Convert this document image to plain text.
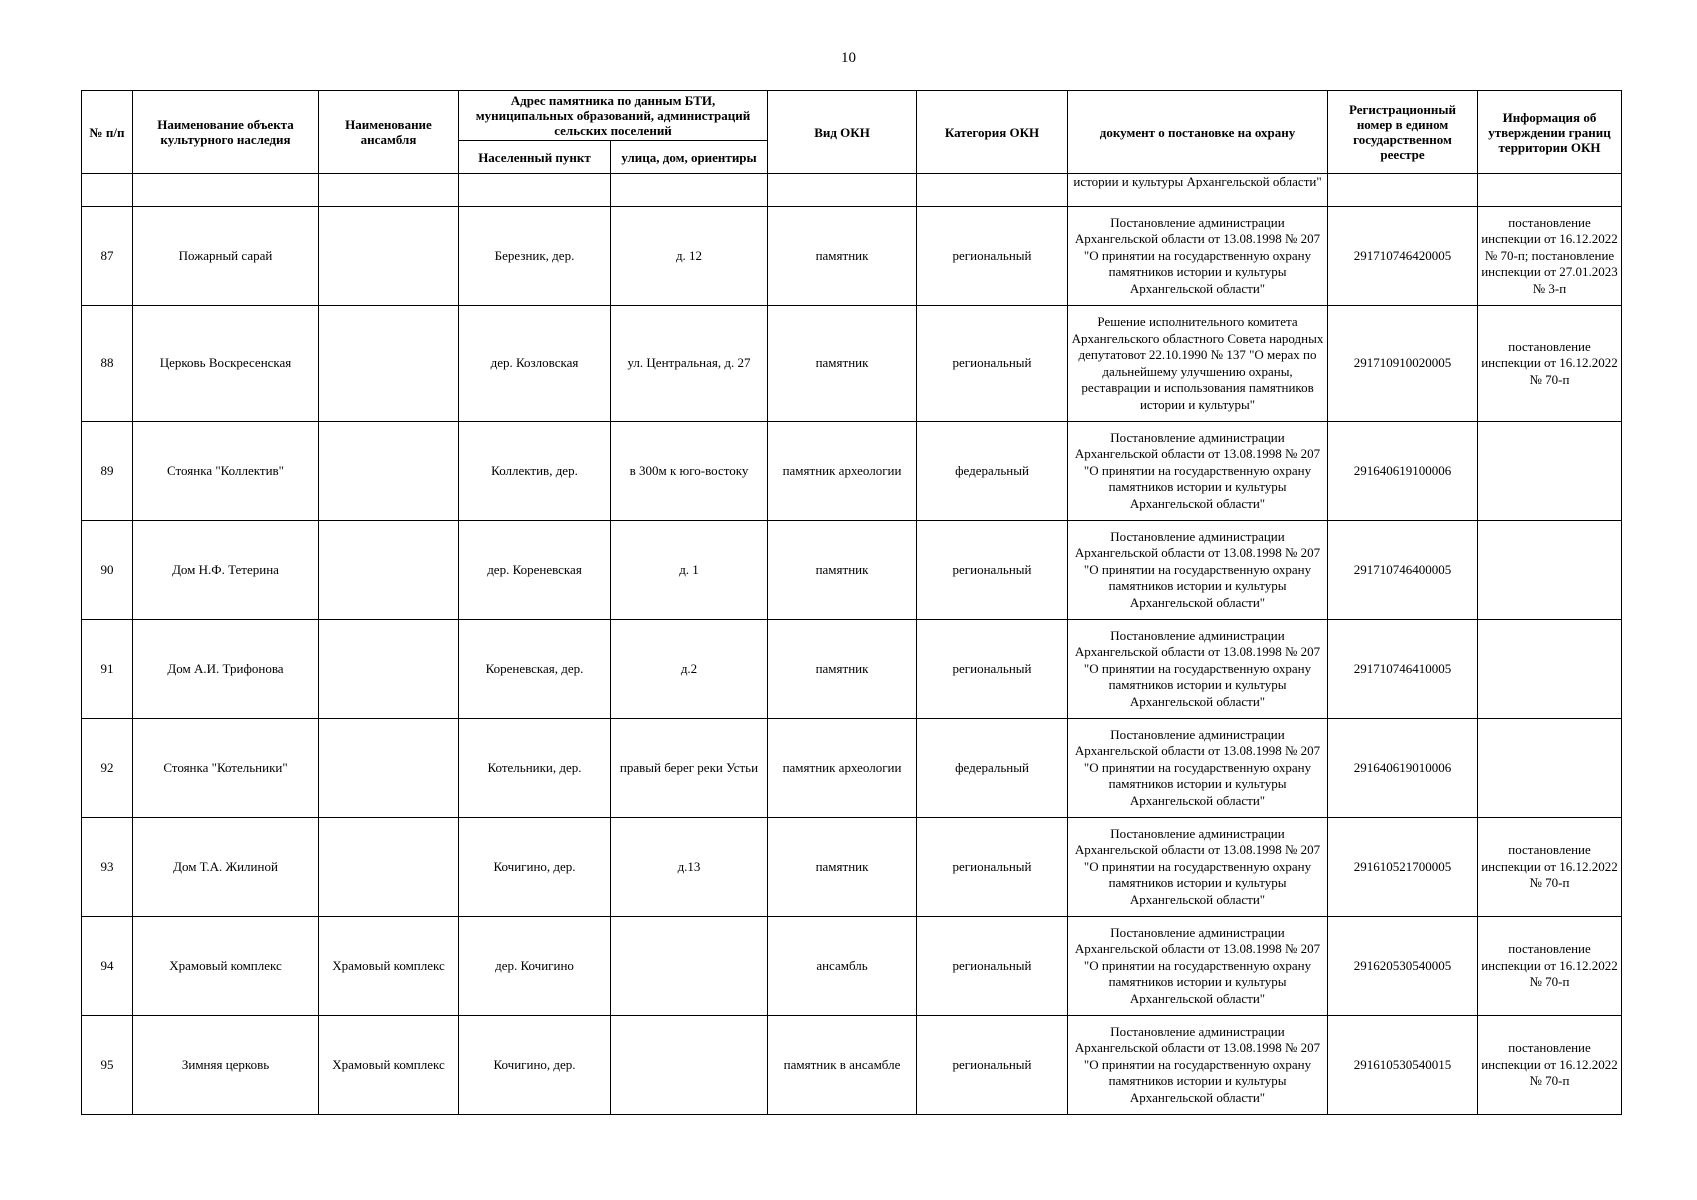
10
№ п/п	Наименование объекта культурного наследия	Наименование ансамбля	Адрес памятника по данным БТИ, муниципальных образований, администраций сельских поселений		Вид ОКН	Категория ОКН	документ о постановке на охрану	Регистрационный номер в едином государственном реестре	Информация об утверждении границ территории ОКН
			Населенный пункт	улица, дом, ориентиры					
							истории и культуры Архангельской области"		
87	Пожарный сарай		Березник, дер.	д. 12	памятник	региональный	Постановление администрации Архангельской области от 13.08.1998 № 207 "О принятии на государственную охрану памятников истории и культуры Архангельской области"	291710746420005	постановление инспекции от 16.12.2022 № 70-п; постановление инспекции от 27.01.2023 № 3-п
88	Церковь Воскресенская		дер. Козловская	ул. Центральная, д. 27	памятник	региональный	Решение исполнительного комитета Архангельского областного Совета народных депутатовот 22.10.1990 № 137 "О мерах по дальнейшему улучшению охраны, реставрации и использования памятников истории и культуры"	291710910020005	постановление инспекции от 16.12.2022 № 70-п
89	Стоянка "Коллектив"		Коллектив, дер.	в 300м к юго-востоку	памятник археологии	федеральный	Постановление администрации Архангельской области от 13.08.1998 № 207 "О принятии на государственную охрану памятников истории и культуры Архангельской области"	291640619100006	
90	Дом Н.Ф. Тетерина		дер. Кореневская	д. 1	памятник	региональный	Постановление администрации Архангельской области от 13.08.1998 № 207 "О принятии на государственную охрану памятников истории и культуры Архангельской области"	291710746400005	
91	Дом А.И. Трифонова		Кореневская, дер.	д.2	памятник	региональный	Постановление администрации Архангельской области от 13.08.1998 № 207 "О принятии на государственную охрану памятников истории и культуры Архангельской области"	291710746410005	
92	Стоянка "Котельники"		Котельники, дер.	правый берег реки Устьи	памятник археологии	федеральный	Постановление администрации Архангельской области от 13.08.1998 № 207 "О принятии на государственную охрану памятников истории и культуры Архангельской области"	291640619010006	
93	Дом Т.А. Жилиной		Кочигино, дер.	д.13	памятник	региональный	Постановление администрации Архангельской области от 13.08.1998 № 207 "О принятии на государственную охрану памятников истории и культуры Архангельской области"	291610521700005	постановление инспекции от 16.12.2022 № 70-п
94	Храмовый комплекс	Храмовый комплекс	дер. Кочигино		ансамбль	региональный	Постановление администрации Архангельской области от 13.08.1998 № 207 "О принятии на государственную охрану памятников истории и культуры Архангельской области"	291620530540005	постановление инспекции от 16.12.2022 № 70-п
95	Зимняя церковь	Храмовый комплекс	Кочигино, дер.		памятник в ансамбле	региональный	Постановление администрации Архангельской области от 13.08.1998 № 207 "О принятии на государственную охрану памятников истории и культуры Архангельской области"	291610530540015	постановление инспекции от 16.12.2022 № 70-п
